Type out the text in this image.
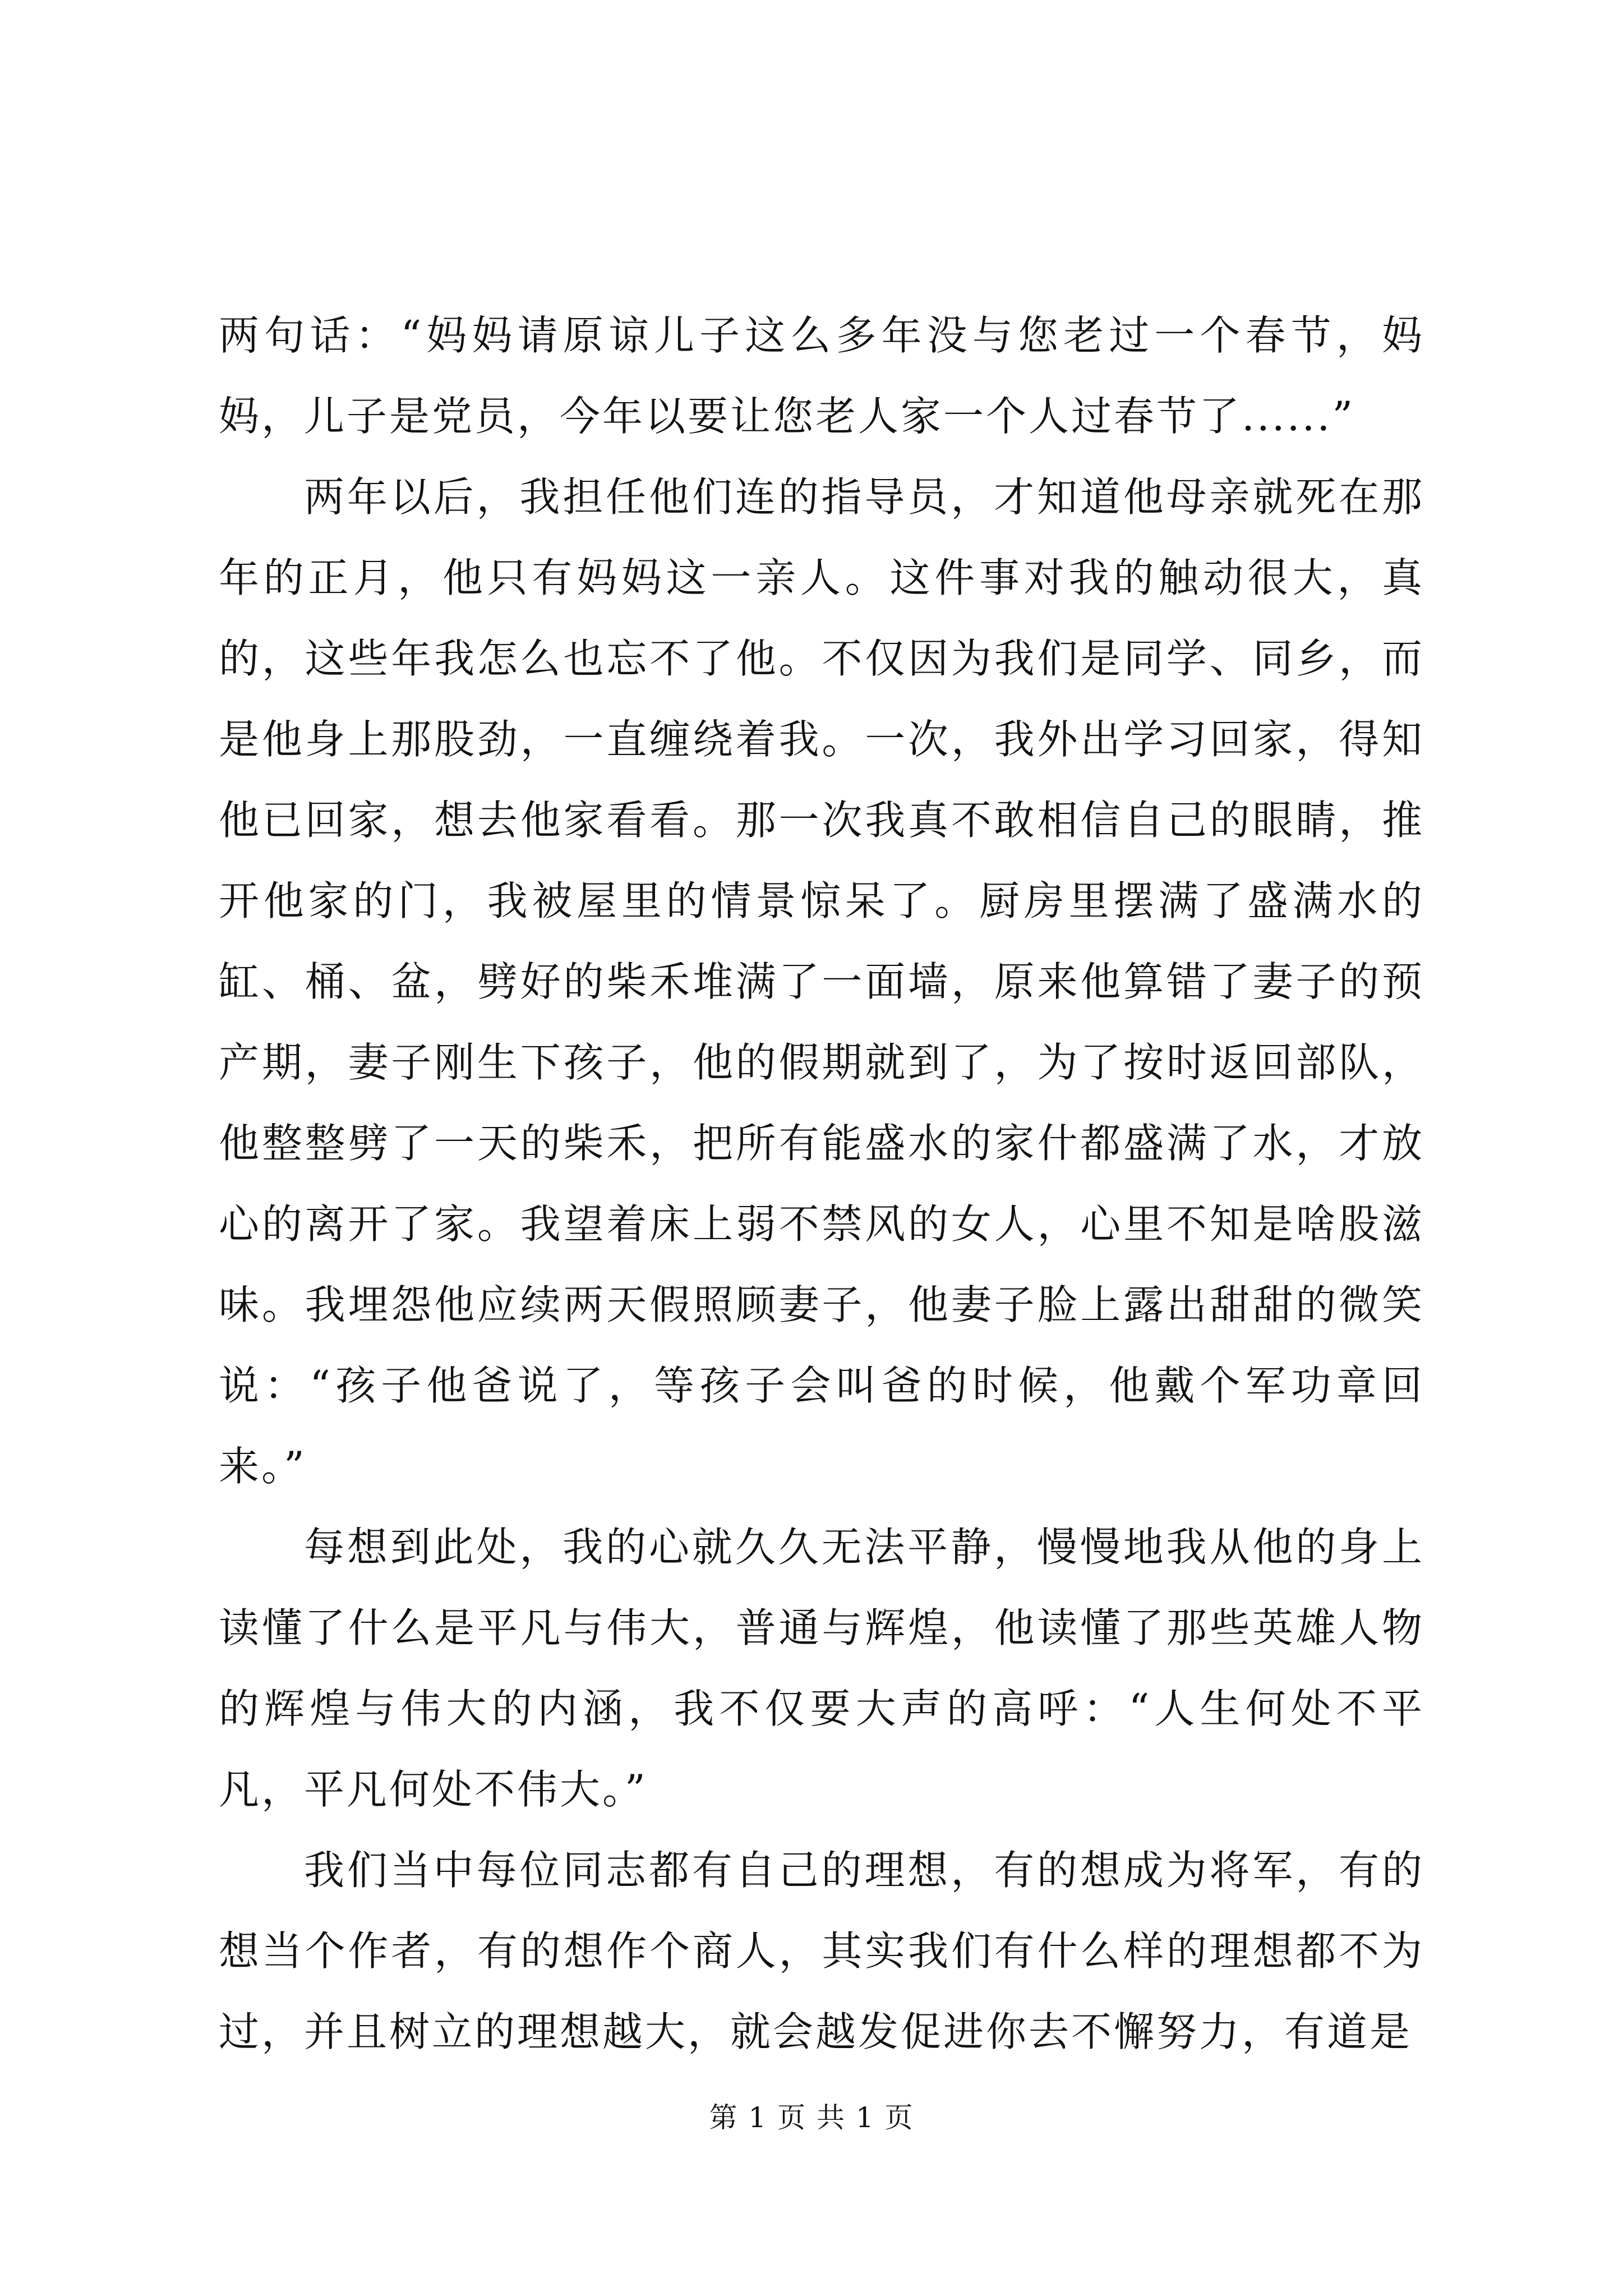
两句话：“妈妈请原谅儿子这么多年没与您老过一个春节，妈妈，儿子是党员，今年以要让您老人家一个人过春节了......”

两年以后，我担任他们连的指导员，才知道他母亲就死在那年的正月，他只有妈妈这一亲人。这件事对我的触动很大，真的，这些年我怎么也忘不了他。不仅因为我们是同学、同乡，而是他身上那股劲，一直缠绕着我。一次，我外出学习回家，得知他已回家，想去他家看看。那一次我真不敢相信自己的眼睛，推开他家的门，我被屋里的情景惊呆了。厨房里摆满了盛满水的缸、桶、盆，劈好的柴禾堆满了一面墙，原来他算错了妻子的预产期，妻子刚生下孩子，他的假期就到了，为了按时返回部队，他整整劈了一天的柴禾，把所有能盛水的家什都盛满了水，才放心的离开了家。我望着床上弱不禁风的女人，心里不知是啥股滋味。我埋怨他应续两天假照顾妻子，他妻子脸上露出甜甜的微笑说：“孩子他爸说了，等孩子会叫爸的时候，他戴个军功章回来。”

每想到此处，我的心就久久无法平静，慢慢地我从他的身上读懂了什么是平凡与伟大，普通与辉煌，他读懂了那些英雄人物的辉煌与伟大的内涵，我不仅要大声的高呼：“人生何处不平凡，平凡何处不伟大。”

我们当中每位同志都有自己的理想，有的想成为将军，有的想当个作者，有的想作个商人，其实我们有什么样的理想都不为过，并且树立的理想越大，就会越发促进你去不懈努力，有道是

第 1 页 共 1 页
